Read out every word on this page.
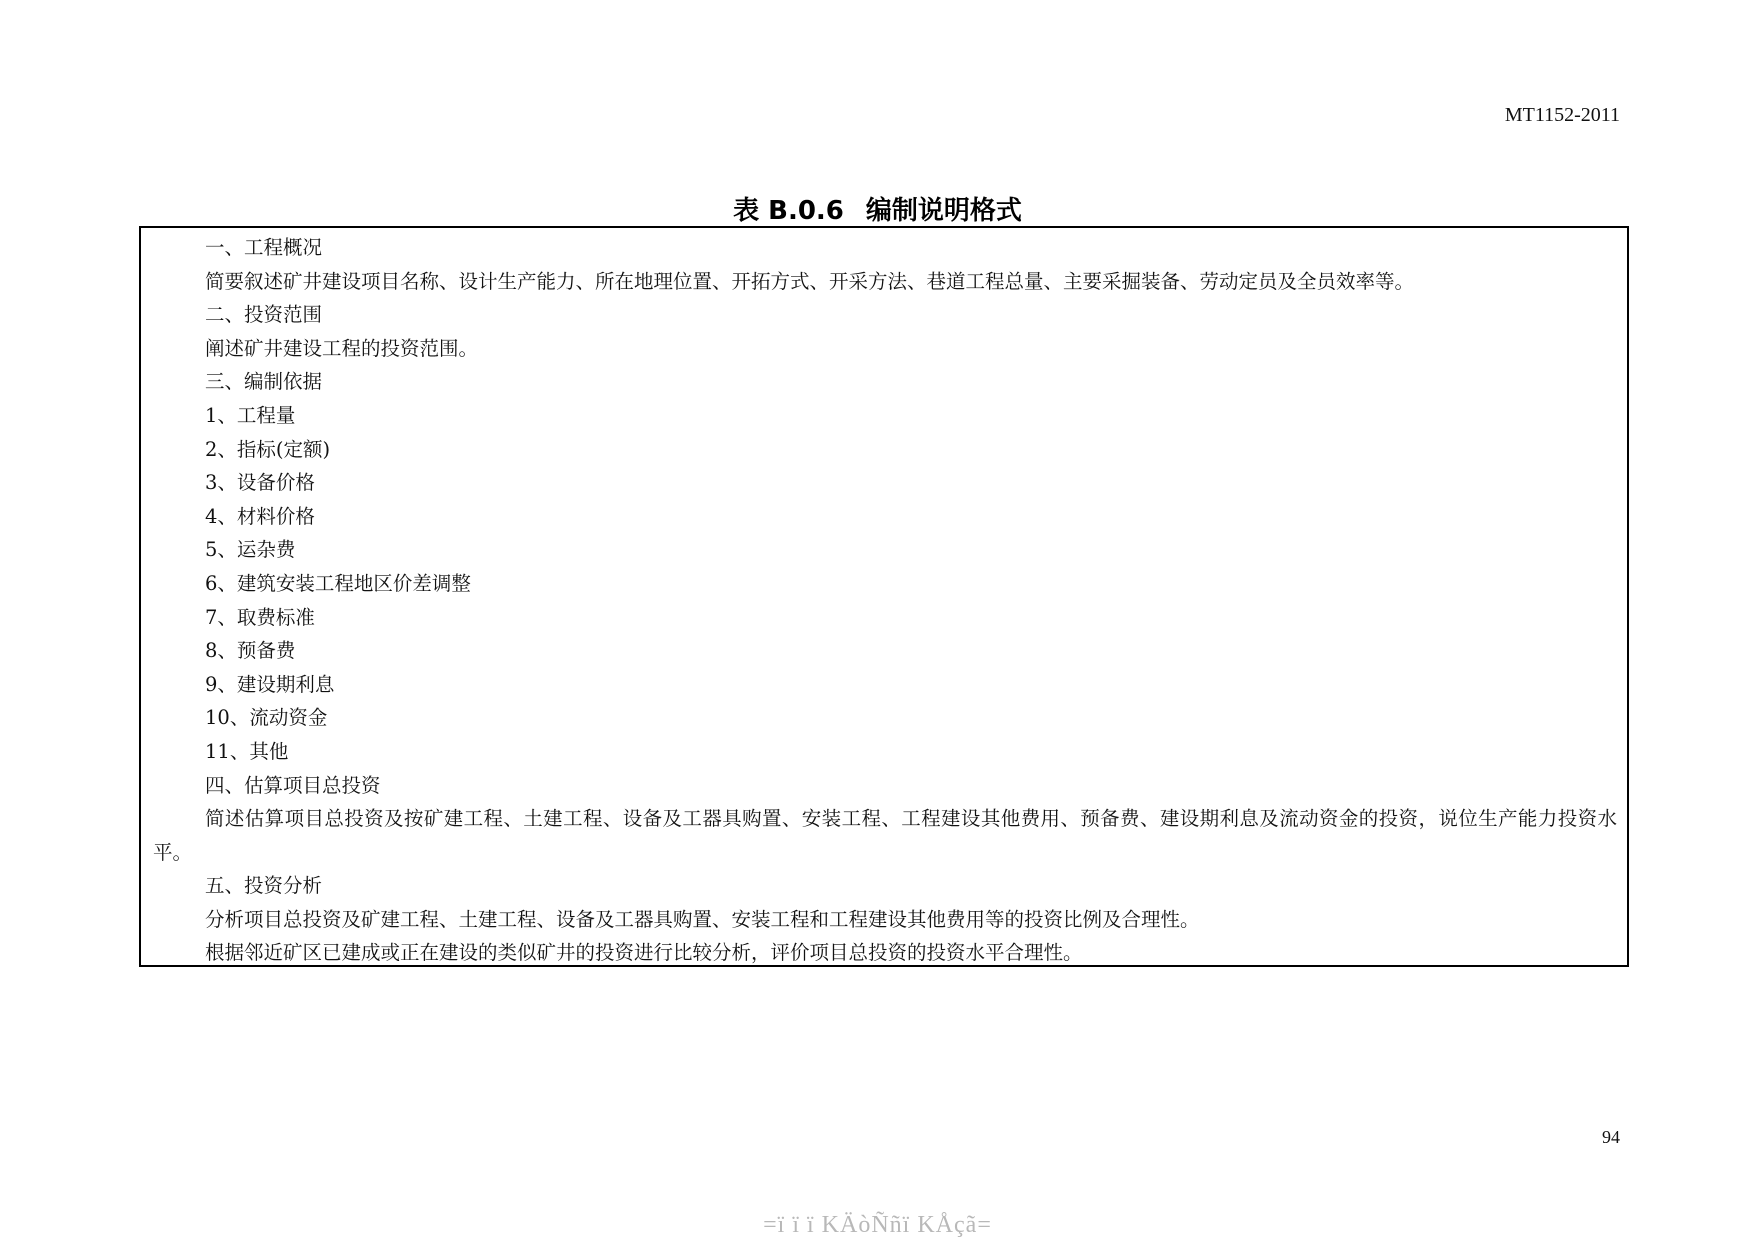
MT1152-2011
表 B.0.6 编制说明格式
一、工程概况
简要叙述矿井建设项目名称、设计生产能力、所在地理位置、开拓方式、开采方法、巷道工程总量、主要采掘装备、劳动定员及全员效率等。
二、投资范围
阐述矿井建设工程的投资范围。
三、编制依据
1、工程量
2、指标(定额)
3、设备价格
4、材料价格
5、运杂费
6、建筑安装工程地区价差调整
7、取费标准
8、预备费
9、建设期利息
10、流动资金
11、其他
四、估算项目总投资
简述估算项目总投资及按矿建工程、土建工程、设备及工器具购置、安装工程、工程建设其他费用、预备费、建设期利息及流动资金的投资，说位生产能力投资水平。
五、投资分析
分析项目总投资及矿建工程、土建工程、设备及工器具购置、安装工程和工程建设其他费用等的投资比例及合理性。
根据邻近矿区已建成或正在建设的类似矿井的投资进行比较分析，评价项目总投资的投资水平合理性。
94
=ï ï ï KÄòÑñï KÅçã=
